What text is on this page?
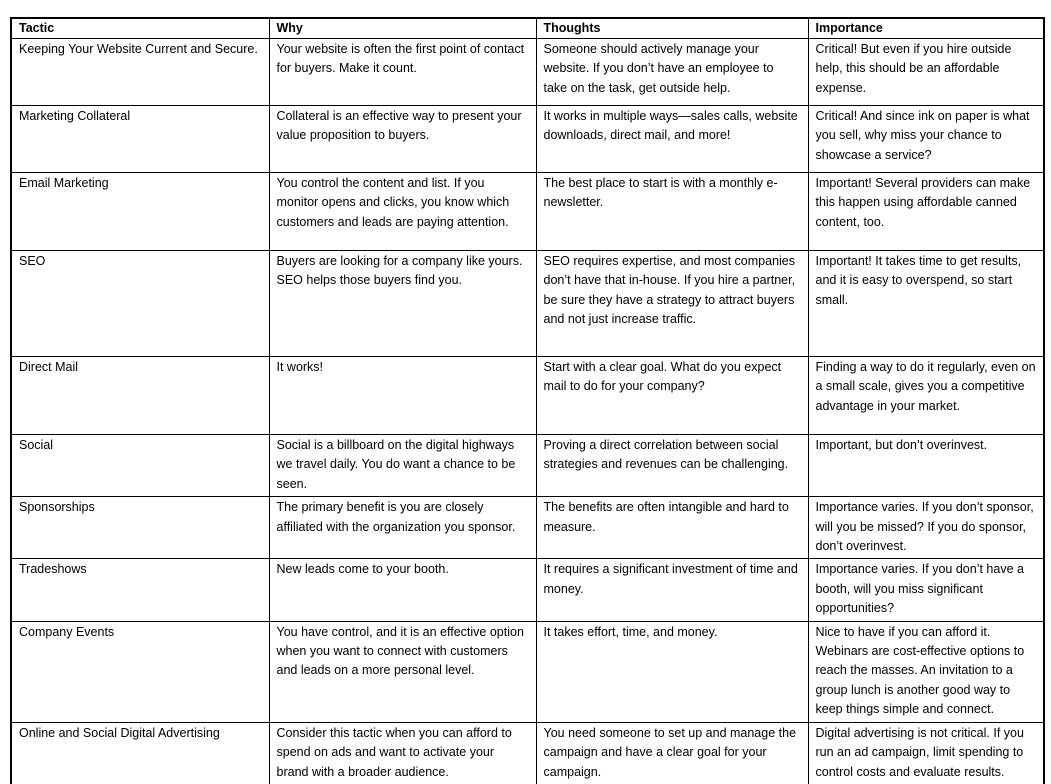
Tactic	Why	Thoughts	Importance
Keeping Your Website Current and Secure.	Your website is often the first point of contact for buyers. Make it count.	Someone should actively manage your website. If you don’t have an employee to take on the task, get outside help.	Critical! But even if you hire outside help, this should be an affordable expense.
Marketing Collateral	Collateral is an effective way to present your value proposition to buyers.	It works in multiple ways—sales calls, website downloads, direct mail, and more!	Critical! And since ink on paper is what you sell, why miss your chance to showcase a service?
Email Marketing	You control the content and list. If you monitor opens and clicks, you know which customers and leads are paying attention.	The best place to start is with a monthly e-newsletter.	Important! Several providers can make this happen using affordable canned content, too.
SEO	Buyers are looking for a company like yours. SEO helps those buyers find you.	SEO requires expertise, and most companies don’t have that in-house. If you hire a partner, be sure they have a strategy to attract buyers and not just increase traffic.	Important! It takes time to get results, and it is easy to overspend, so start small.
Direct Mail	It works!	Start with a clear goal. What do you expect mail to do for your company?	Finding a way to do it regularly, even on a small scale, gives you a competitive advantage in your market.
Social	Social is a billboard on the digital highways we travel daily. You do want a chance to be seen.	Proving a direct correlation between social strategies and revenues can be challenging.	Important, but don’t overinvest.
Sponsorships	The primary benefit is you are closely affiliated with the organization you sponsor.	The benefits are often intangible and hard to measure.	Importance varies. If you don’t sponsor, will you be missed? If you do sponsor, don’t overinvest.
Tradeshows	New leads come to your booth.	It requires a significant investment of time and money.	Importance varies. If you don’t have a booth, will you miss significant opportunities?
Company Events	You have control, and it is an effective option when you want to connect with customers and leads on a more personal level.	It takes effort, time, and money.	Nice to have if you can afford it. Webinars are cost-effective options to reach the masses. An invitation to a group lunch is another good way to keep things simple and connect.
Online and Social Digital Advertising	Consider this tactic when you can afford to spend on ads and want to activate your brand with a broader audience.	You need someone to set up and manage the campaign and have a clear goal for your campaign.	Digital advertising is not critical. If you run an ad campaign, limit spending to control costs and evaluate results.
